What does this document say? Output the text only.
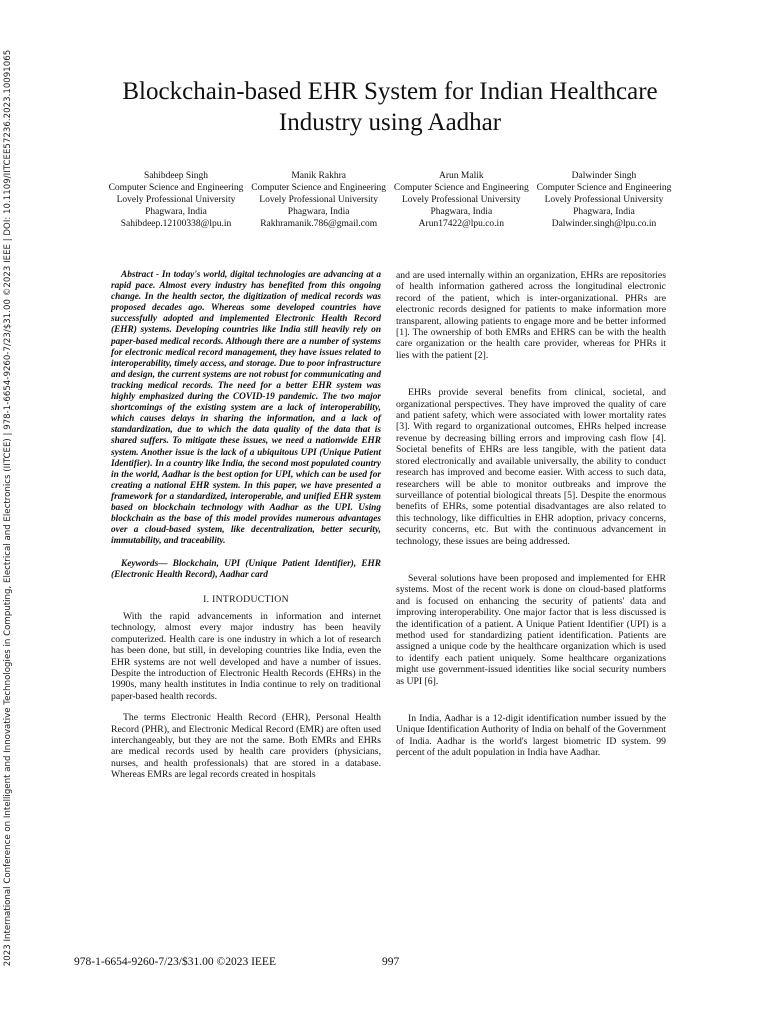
2023 International Conference on Intelligent and Innovative Technologies in Computing, Electrical and Electronics (IITCEE) | 978-1-6654-9260-7/23/$31.00 ©2023 IEEE | DOI: 10.1109/IITCEE57236.2023.10091065	Blockchain-based EHR System for Indian Healthcare Industry using Aadhar
Sahibdeep Singh
Computer Science and Engineering
Lovely Professional University
Phagwara, India
Sahibdeep.12100338@lpu.in
Manik Rakhra
Computer Science and Engineering
Lovely Professional University
Phagwara, India
Rakhramanik.786@gmail.com
Arun Malik
Computer Science and Engineering
Lovely Professional University
Phagwara, India
Arun17422@lpu.co.in
Dalwinder Singh
Computer Science and Engineering
Lovely Professional University
Phagwara, India
Dalwinder.singh@lpu.co.in
Abstract - In today's world, digital technologies are advancing at a rapid pace. Almost every industry has benefited from this ongoing change. In the health sector, the digitization of medical records was proposed decades ago. Whereas some developed countries have successfully adopted and implemented Electronic Health Record (EHR) systems. Developing countries like India still heavily rely on paper-based medical records. Although there are a number of systems for electronic medical record management, they have issues related to interoperability, timely access, and storage. Due to poor infrastructure and design, the current systems are not robust for communicating and tracking medical records. The need for a better EHR system was highly emphasized during the COVID-19 pandemic. The two major shortcomings of the existing system are a lack of interoperability, which causes delays in sharing the information, and a lack of standardization, due to which the data quality of the data that is shared suffers. To mitigate these issues, we need a nationwide EHR system. Another issue is the lack of a ubiquitous UPI (Unique Patient Identifier). In a country like India, the second most populated country in the world, Aadhar is the best option for UPI, which can be used for creating a national EHR system. In this paper, we have presented a framework for a standardized, interoperable, and unified EHR system based on blockchain technology with Aadhar as the UPI. Using blockchain as the base of this model provides numerous advantages over a cloud-based system, like decentralization, better security, immutability, and traceability.
Keywords— Blockchain, UPI (Unique Patient Identifier), EHR (Electronic Health Record), Aadhar card
I. INTRODUCTION

With the rapid advancements in information and internet technology, almost every major industry has been heavily computerized. Health care is one industry in which a lot of research has been done, but still, in developing countries like India, even the EHR systems are not well developed and have a number of issues. Despite the introduction of Electronic Health Records (EHRs) in the 1990s, many health institutes in India continue to rely on traditional paper-based health records.

The terms Electronic Health Record (EHR), Personal Health Record (PHR), and Electronic Medical Record (EMR) are often used interchangeably, but they are not the same. Both EMRs and EHRs are medical records used by health care providers (physicians, nurses, and health professionals) that are stored in a database. Whereas EMRs are legal records created in hospitals

and are used internally within an organization, EHRs are repositories of health information gathered across the longitudinal electronic record of the patient, which is inter-organizational. PHRs are electronic records designed for patients to make information more transparent, allowing patients to engage more and be better informed [1]. The ownership of both EMRs and EHRS can be with the health care organization or the health care provider, whereas for PHRs it lies with the patient [2].

EHRs provide several benefits from clinical, societal, and organizational perspectives. They have improved the quality of care and patient safety, which were associated with lower mortality rates [3]. With regard to organizational outcomes, EHRs helped increase revenue by decreasing billing errors and improving cash flow [4]. Societal benefits of EHRs are less tangible, with the patient data stored electronically and available universally, the ability to conduct research has improved and become easier. With access to such data, researchers will be able to monitor outbreaks and improve the surveillance of potential biological threats [5]. Despite the enormous benefits of EHRs, some potential disadvantages are also related to this technology, like difficulties in EHR adoption, privacy concerns, security concerns, etc. But with the continuous advancement in technology, these issues are being addressed.

Several solutions have been proposed and implemented for EHR systems. Most of the recent work is done on cloud-based platforms and is focused on enhancing the security of patients' data and improving interoperability. One major factor that is less discussed is the identification of a patient. A Unique Patient Identifier (UPI) is a method used for standardizing patient identification. Patients are assigned a unique code by the healthcare organization which is used to identify each patient uniquely. Some healthcare organizations might use government-issued identities like social security numbers as UPI [6].

In India, Aadhar is a 12-digit identification number issued by the Unique Identification Authority of India on behalf of the Government of India. Aadhar is the world's largest biometric ID system. 99 percent of the adult population in India have Aadhar.

978-1-6654-9260-7/23/$31.00 ©2023 IEEE	997
